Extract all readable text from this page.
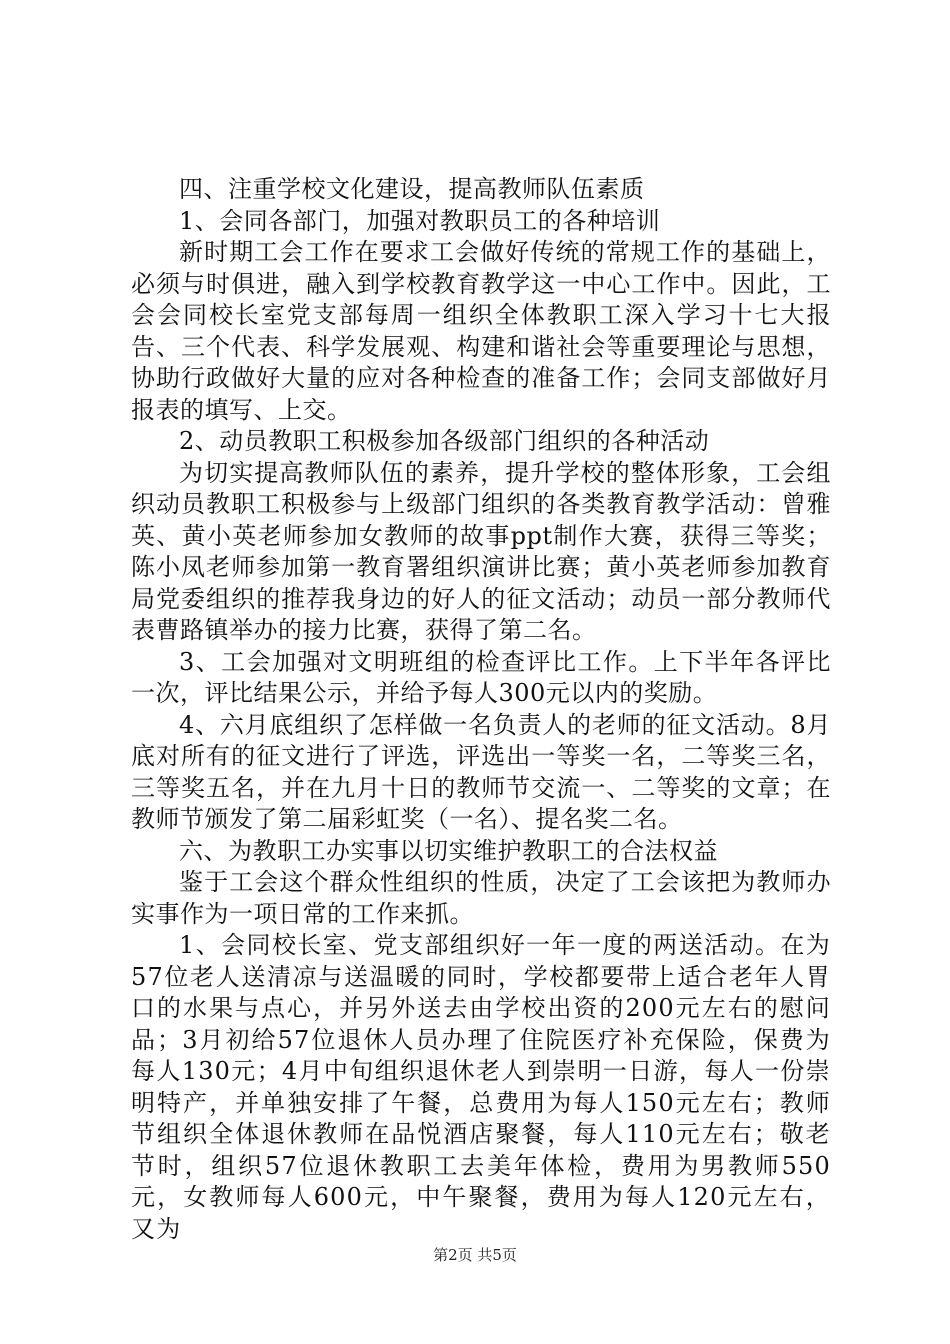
四、注重学校文化建设，提高教师队伍素质

1、会同各部门，加强对教职员工的各种培训

新时期工会工作在要求工会做好传统的常规工作的基础上，必须与时俱进，融入到学校教育教学这一中心工作中。因此，工会会同校长室党支部每周一组织全体教职工深入学习十七大报告、三个代表、科学发展观、构建和谐社会等重要理论与思想，协助行政做好大量的应对各种检查的准备工作；会同支部做好月报表的填写、上交。

2、动员教职工积极参加各级部门组织的各种活动

为切实提高教师队伍的素养，提升学校的整体形象，工会组织动员教职工积极参与上级部门组织的各类教育教学活动：曾雅英、黄小英老师参加女教师的故事ppt制作大赛，获得三等奖；陈小凤老师参加第一教育署组织演讲比赛；黄小英老师参加教育局党委组织的推荐我身边的好人的征文活动；动员一部分教师代表曹路镇举办的接力比赛，获得了第二名。

3、工会加强对文明班组的检查评比工作。上下半年各评比一次，评比结果公示，并给予每人300元以内的奖励。

4、六月底组织了怎样做一名负责人的老师的征文活动。8月底对所有的征文进行了评选，评选出一等奖一名，二等奖三名，三等奖五名，并在九月十日的教师节交流一、二等奖的文章；在教师节颁发了第二届彩虹奖（一名）、提名奖二名。

六、为教职工办实事以切实维护教职工的合法权益

鉴于工会这个群众性组织的性质，决定了工会该把为教师办实事作为一项日常的工作来抓。

1、会同校长室、党支部组织好一年一度的两送活动。在为57位老人送清凉与送温暖的同时，学校都要带上适合老年人胃口的水果与点心，并另外送去由学校出资的200元左右的慰问品；3月初给57位退休人员办理了住院医疗补充保险，保费为每人130元；4月中旬组织退休老人到崇明一日游，每人一份崇明特产，并单独安排了午餐，总费用为每人150元左右；教师节组织全体退休教师在品悦酒店聚餐，每人110元左右；敬老节时，组织57位退休教职工去美年体检，费用为男教师550元，女教师每人600元，中午聚餐，费用为每人120元左右，又为

第2页 共5页
